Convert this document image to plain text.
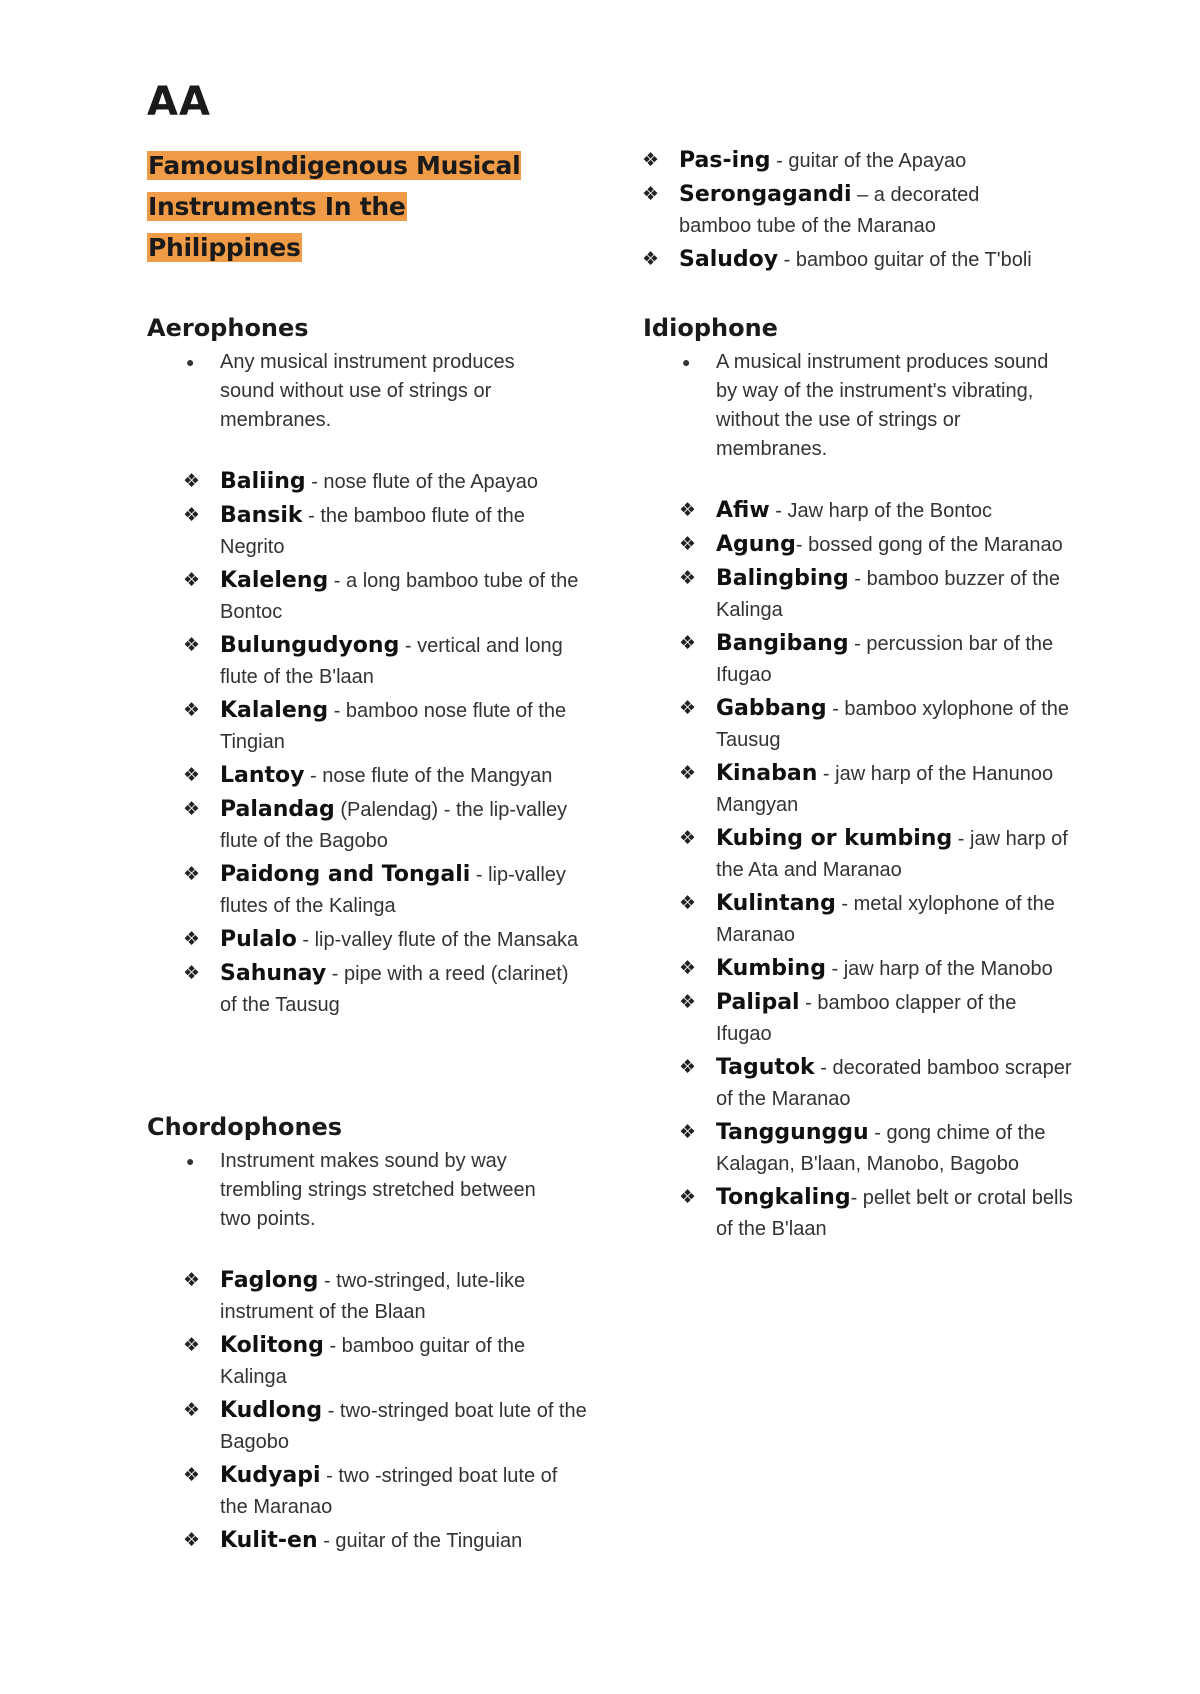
AA
FamousIndigenous Musical
Instruments In the
Philippines
Aerophones

● Any musical instrument produces sound without use of strings or membranes.

❖ Baliing - nose flute of the Apayao
❖ Bansik - the bamboo flute of the Negrito
❖ Kaleleng - a long bamboo tube of the Bontoc
❖ Bulungudyong - vertical and long flute of the B'laan
❖ Kalaleng - bamboo nose flute of the Tingian
❖ Lantoy - nose flute of the Mangyan
❖ Palandag (Palendag) - the lip-valley flute of the Bagobo
❖ Paidong and Tongali - lip-valley flutes of the Kalinga
❖ Pulalo - lip-valley flute of the Mansaka
❖ Sahunay - pipe with a reed (clarinet) of the Tausug
Chordophones

● Instrument makes sound by way trembling strings stretched between two points.

❖ Faglong - two-stringed, lute-like instrument of the Blaan
❖ Kolitong - bamboo guitar of the Kalinga
❖ Kudlong - two-stringed boat lute of the Bagobo
❖ Kudyapi - two -stringed boat lute of the Maranao
❖ Kulit-en - guitar of the Tinguian
❖ Pas-ing - guitar of the Apayao
❖ Serongagandi – a decorated bamboo tube of the Maranao
❖ Saludoy - bamboo guitar of the T'boli
Idiophone

● A musical instrument produces sound by way of the instrument's vibrating, without the use of strings or membranes.

❖ Afiw - Jaw harp of the Bontoc
❖ Agung- bossed gong of the Maranao
❖ Balingbing - bamboo buzzer of the Kalinga
❖ Bangibang - percussion bar of the Ifugao
❖ Gabbang - bamboo xylophone of the Tausug
❖ Kinaban - jaw harp of the Hanunoo Mangyan
❖ Kubing or kumbing - jaw harp of the Ata and Maranao
❖ Kulintang - metal xylophone of the Maranao
❖ Kumbing - jaw harp of the Manobo
❖ Palipal - bamboo clapper of the Ifugao
❖ Tagutok - decorated bamboo scraper of the Maranao
❖ Tanggunggu - gong chime of the Kalagan, B'laan, Manobo, Bagobo
❖ Tongkaling- pellet belt or crotal bells of the B'laan
